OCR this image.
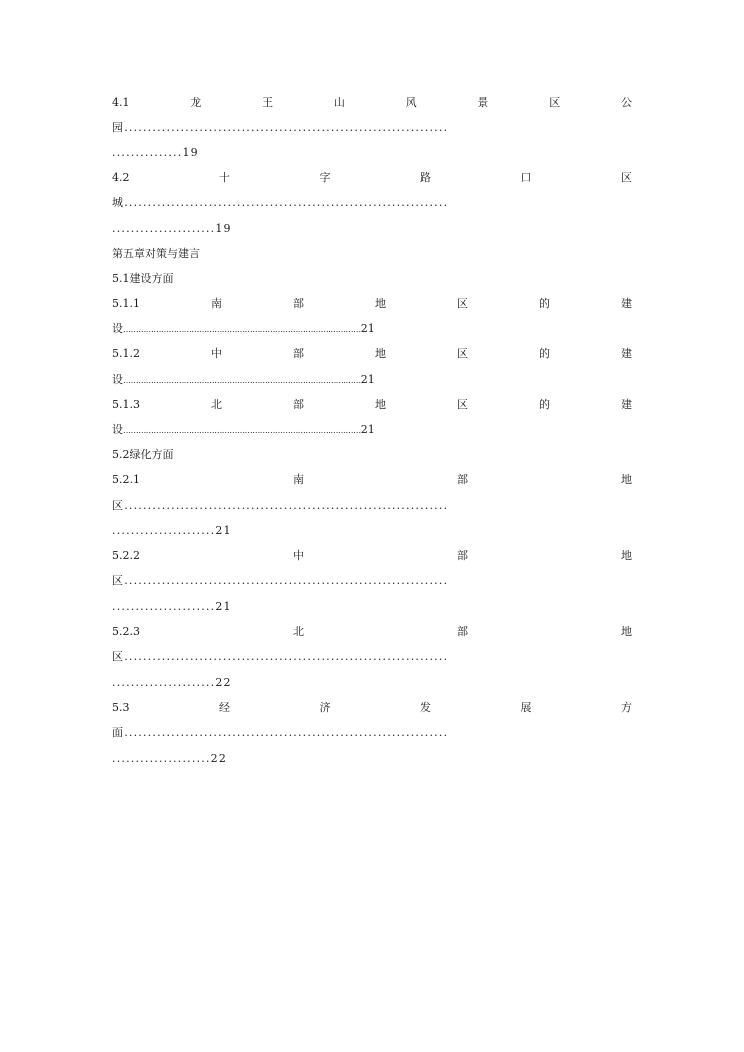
4.1	龙	王	山	风	景	区	公
园.....................................................................
...............19
4.2	十	字	路	口	区
城.....................................................................
......................19
第五章对策与建言
5.1建设方面
5.1.1	南	部	地	区	的	建
设……………………………………………………………………….…………21
5.1.2	中	部	地	区	的	建
设…………………………………………………………………………….……21
5.1.3	北	部	地	区	的	建
设……………………………………………………………………….…………21
5.2绿化方面
5.2.1	南	部	地
区.....................................................................
......................21
5.2.2	中	部	地
区.....................................................................
......................21
5.2.3	北	部	地
区.....................................................................
......................22
5.3	经	济	发	展	方
面.....................................................................
.....................22
